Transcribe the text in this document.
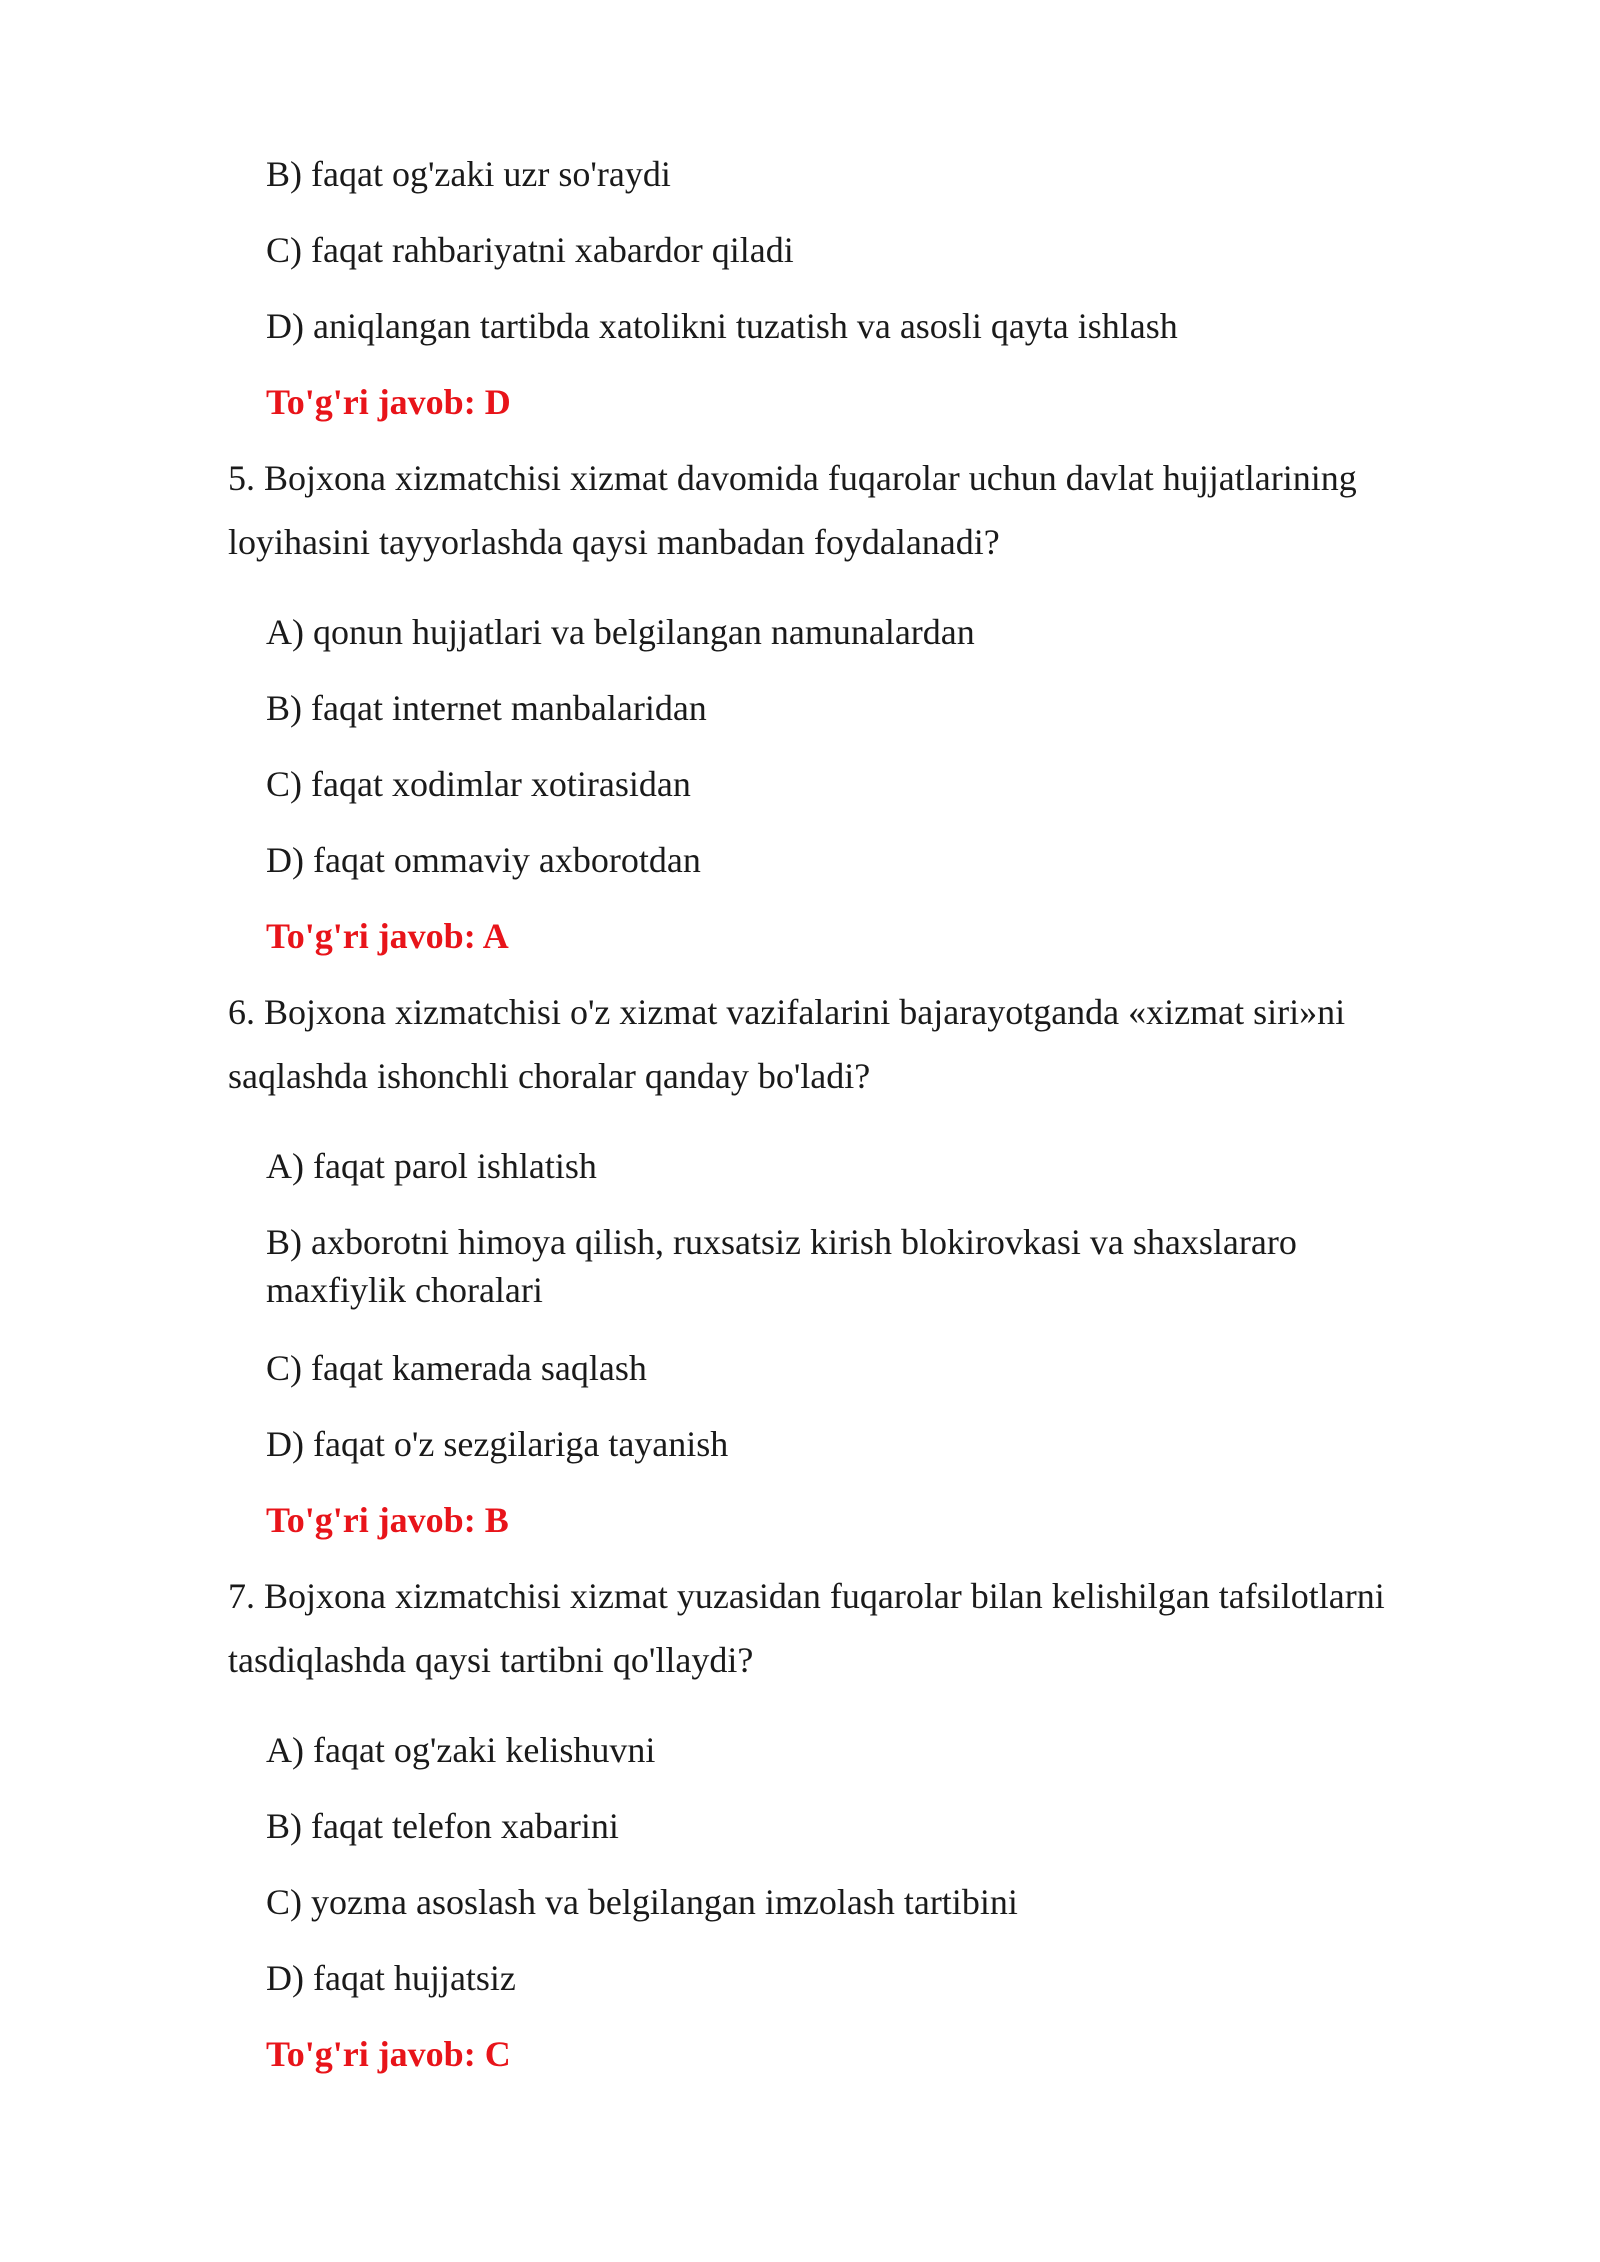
B) faqat og'zaki uzr so'raydi
C) faqat rahbariyatni xabardor qiladi
D) aniqlangan tartibda xatolikni tuzatish va asosli qayta ishlash
To'g'ri javob: D
5. Bojxona xizmatchisi xizmat davomida fuqarolar uchun davlat hujjatlarining
loyihasini tayyorlashda qaysi manbadan foydalanadi?
A) qonun hujjatlari va belgilangan namunalardan
B) faqat internet manbalaridan
C) faqat xodimlar xotirasidan
D) faqat ommaviy axborotdan
To'g'ri javob: A
6. Bojxona xizmatchisi o'z xizmat vazifalarini bajarayotganda «xizmat siri»ni
saqlashda ishonchli choralar qanday bo'ladi?
A) faqat parol ishlatish
B) axborotni himoya qilish, ruxsatsiz kirish blokirovkasi va shaxslararo
maxfiylik choralari
C) faqat kamerada saqlash
D) faqat o'z sezgilariga tayanish
To'g'ri javob: B
7. Bojxona xizmatchisi xizmat yuzasidan fuqarolar bilan kelishilgan tafsilotlarni
tasdiqlashda qaysi tartibni qo'llaydi?
A) faqat og'zaki kelishuvni
B) faqat telefon xabarini
C) yozma asoslash va belgilangan imzolash tartibini
D) faqat hujjatsiz
To'g'ri javob: C
